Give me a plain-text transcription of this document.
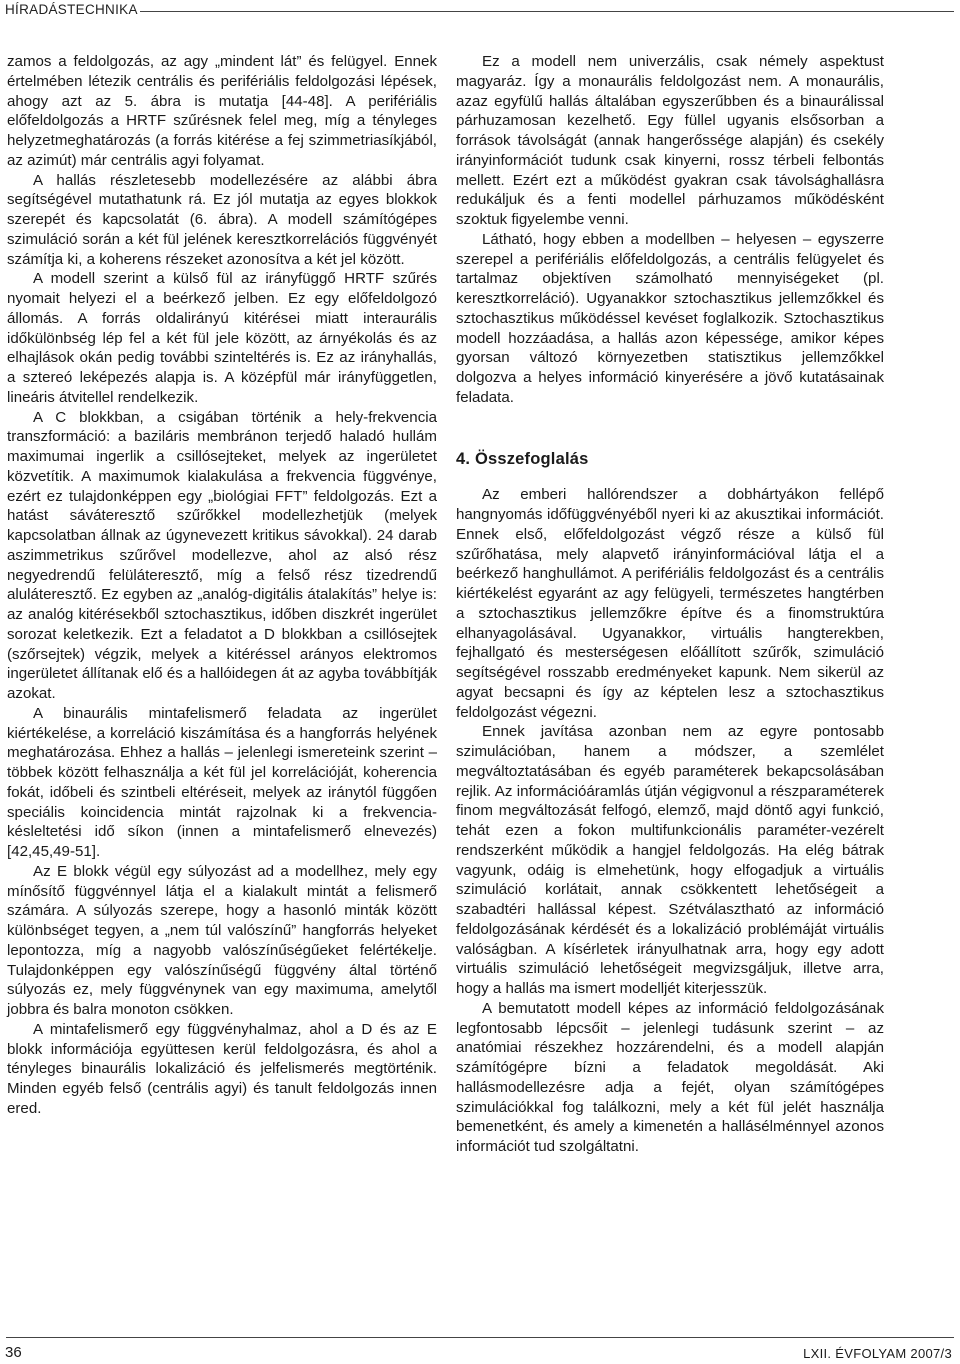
HÍRADÁSTECHNIKA

zamos a feldolgozás, az agy „mindent lát” és felügyel. Ennek értelmében létezik centrális és perifériális feldolgozási lépések, ahogy azt az 5. ábra is mutatja [44-48]. A perifériális előfeldolgozás a HRTF szűrésnek felel meg, míg a tényleges helyzetmeghatározás (a forrás kitérése a fej szimmetriasíkjából, az azimút) már centrális agyi folyamat.

A hallás részletesebb modellezésére az alábbi ábra segítségével mutathatunk rá. Ez jól mutatja az egyes blokkok szerepét és kapcsolatát (6. ábra). A modell számítógépes szimuláció során a két fül jelének keresztkorrelációs függvényét számítja ki, a koherens részeket azonosítva a két jel között.

A modell szerint a külső fül az irányfüggő HRTF szűrés nyomait helyezi el a beérkező jelben. Ez egy előfeldolgozó állomás. A forrás oldalirányú kitérései miatt interaurális időkülönbség lép fel a két fül jele között, az árnyékolás és az elhajlások okán pedig további szinteltérés is. Ez az irányhallás, a sztereó leképezés alapja is. A középfül már irányfüggetlen, lineáris átvitellel rendelkezik.

A C blokkban, a csigában történik a hely-frekvencia transzformáció: a baziláris membránon terjedő haladó hullám maximumai ingerlik a csillósejteket, melyek az ingerületet közvetítik. A maximumok kialakulása a frekvencia függvénye, ezért ez tulajdonképpen egy „biológiai FFT” feldolgozás. Ezt a hatást sáváteresztő szűrőkkel modellezhetjük (melyek kapcsolatban állnak az úgynevezett kritikus sávokkal). 24 darab aszimmetrikus szűrővel modellezve, ahol az alsó rész negyedrendű felüláteresztő, míg a felső rész tizedrendű aluláteresztő. Ez egyben az „analóg-digitális átalakítás” helye is: az analóg kitérésekből sztochasztikus, időben diszkrét ingerület sorozat keletkezik. Ezt a feladatot a D blokkban a csillósejtek (szőrsejtek) végzik, melyek a kitéréssel arányos elektromos ingerületet állítanak elő és a hallóidegen át az agyba továbbítják azokat.

A binaurális mintafelismerő feladata az ingerület kiértékelése, a korreláció kiszámítása és a hangforrás helyének meghatározása. Ehhez a hallás – jelenlegi ismereteink szerint – többek között felhasználja a két fül jel korrelációját, koherencia fokát, időbeli és szintbeli eltéréseit, melyek az iránytól függően speciális koincidencia mintát rajzolnak ki a frekvencia-késleltetési idő síkon (innen a mintafelismerő elnevezés) [42,45,49-51].

Az E blokk végül egy súlyozást ad a modellhez, mely egy mínősítő függvénnyel látja el a kialakult mintát a felismerő számára. A súlyozás szerepe, hogy a hasonló minták között különbséget tegyen, a „nem túl valószínű” hangforrás helyeket lepontozza, míg a nagyobb valószínűségűeket felértékelje. Tulajdonképpen egy valószínűségű függvény által történő súlyozás ez, mely függvénynek van egy maximuma, amelytől jobbra és balra monoton csökken.

A mintafelismerő egy függvényhalmaz, ahol a D és az E blokk információja együttesen kerül feldolgozásra, és ahol a tényleges binaurális lokalizáció és jelfelismerés megtörténik. Minden egyéb felső (centrális agyi) és tanult feldolgozás innen ered.

Ez a modell nem univerzális, csak némely aspektust magyaráz. Így a monaurális feldolgozást nem. A monaurális, azaz egyfülű hallás általában egyszerűbben és a binaurálissal párhuzamosan kezelhető. Egy füllel ugyanis elsősorban a források távolságát (annak hangerőssége alapján) és csekély irányinformációt tudunk csak kinyerni, rossz térbeli felbontás mellett. Ezért ezt a működést gyakran csak távolsághallásra redukáljuk és a fenti modellel párhuzamos működésként szoktuk figyelembe venni.

Látható, hogy ebben a modellben – helyesen – egyszerre szerepel a perifériális előfeldolgozás, a centrális felügyelet és tartalmaz objektíven számolható mennyiségeket (pl. keresztkorreláció). Ugyanakkor sztochasztikus jellemzőkkel és sztochasztikus működéssel kevéset foglalkozik. Sztochasztikus modell hozzáadása, a hallás azon képessége, amikor képes gyorsan változó környezetben statisztikus jellemzőkkel dolgozva a helyes információ kinyerésére a jövő kutatásainak feladata.

4. Összefoglalás

Az emberi hallórendszer a dobhártyákon fellépő hangnyomás időfüggvényéből nyeri ki az akusztikai információt. Ennek első, előfeldolgozást végző része a külső fül szűrőhatása, mely alapvető irányinformációval látja el a beérkező hanghullámot. A perifériális feldolgozást és a centrális kiértékelést egyaránt az agy felügyeli, természetes hangtérben a sztochasztikus jellemzőkre építve és a finomstruktúra elhanyagolásával. Ugyanakkor, virtuális hangterekben, fejhallgató és mesterségesen előállított szűrők, szimuláció segítségével rosszabb eredményeket kapunk. Nem sikerül az agyat becsapni és így az képtelen lesz a sztochasztikus feldolgozást végezni.

Ennek javítása azonban nem az egyre pontosabb szimulációban, hanem a módszer, a szemlélet megváltoztatásában és egyéb paraméterek bekapcsolásában rejlik. Az információáramlás útján végigvonul a részparaméterek finom megváltozását felfogó, elemző, majd döntő agyi funkció, tehát ezen a fokon multifunkcionális paraméter-vezérelt rendszerként működik a hangjel feldolgozás. Ha elég bátrak vagyunk, odáig is elmehetünk, hogy elfogadjuk a virtuális szimuláció korlátait, annak csökkentett lehetőségeit a szabadtéri hallással képest. Szétválasztható az információ feldolgozásának kérdését és a lokalizáció problémáját virtuális valóságban. A kísérletek irányulhatnak arra, hogy egy adott virtuális szimuláció lehetőségeit megvizsgáljuk, illetve arra, hogy a hallás ma ismert modelljét kiterjesszük.

A bemutatott modell képes az információ feldolgozásának legfontosabb lépcsőit – jelenlegi tudásunk szerint – az anatómiai részekhez hozzárendelni, és a modell alapján számítógépre bízni a feladatok megoldását. Aki hallásmodellezésre adja a fejét, olyan számítógépes szimulációkkal fog találkozni, mely a két fül jelét használja bemenetként, és amely a kimenetén a hallásélménnyel azonos információt tud szolgáltatni.

36	LXII. ÉVFOLYAM 2007/3
